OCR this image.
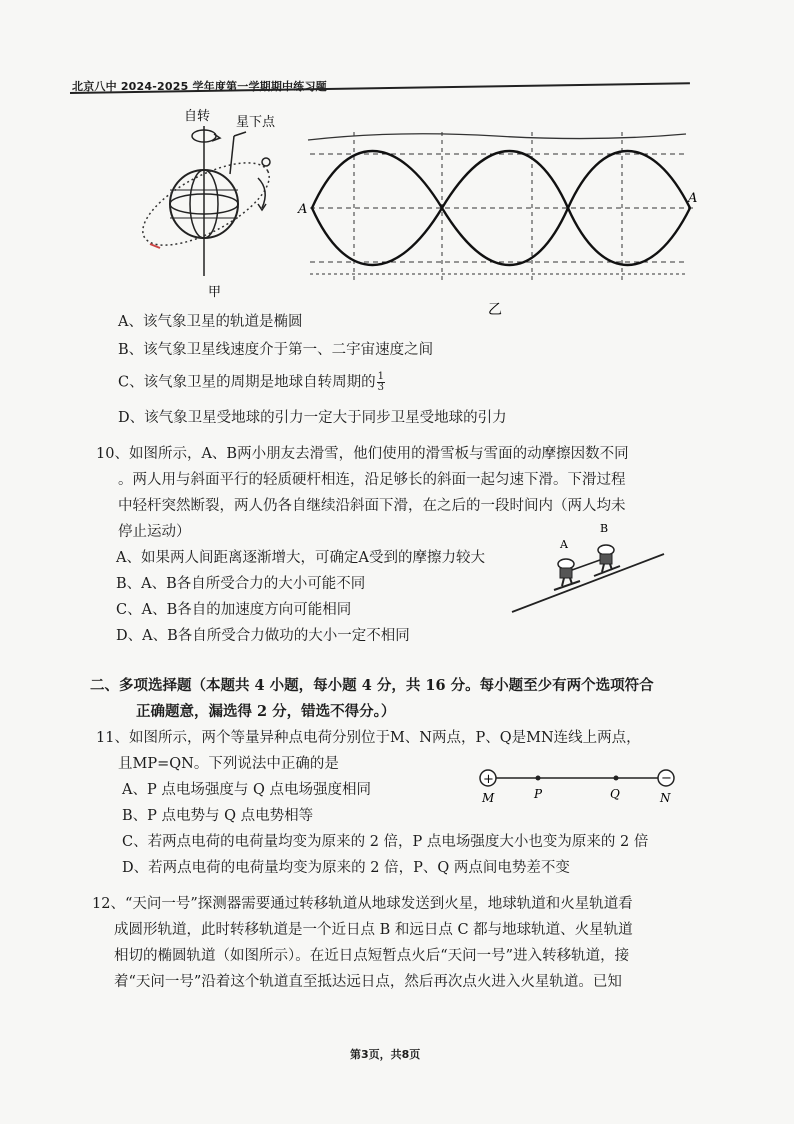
北京八中 2024-2025 学年度第一学期期中练习题
自转 星下点
甲
A
A
乙
A、该气象卫星的轨道是椭圆
B、该气象卫星线速度介于第一、二宇宙速度之间
C、该气象卫星的周期是地球自转周期的 $\frac{1}{3}$
D、该气象卫星受地球的引力一定大于同步卫星受地球的引力
10、如图所示，A、B两小朋友去滑雪，他们使用的滑雪板与雪面的动摩擦因数不同
。两人用与斜面平行的轻质硬杆相连，沿足够长的斜面一起匀速下滑。下滑过程
中轻杆突然断裂，两人仍各自继续沿斜面下滑，在之后的一段时间内（两人均未
停止运动）
A、如果两人间距离逐渐增大，可确定A受到的摩擦力较大
B、A、B各自所受合力的大小可能不同
C、A、B各自的加速度方向可能相同
D、A、B各自所受合力做功的大小一定不相同
A
B
二、多项选择题（本题共 4 小题，每小题 4 分，共 16 分。每小题至少有两个选项符合
正确题意，漏选得 2 分，错选不得分。）
11、如图所示，两个等量异种点电荷分别位于M、N两点，P、Q是MN连线上两点，
且MP=QN。下列说法中正确的是
A、P 点电场强度与 Q 点电场强度相同
B、P 点电势与 Q 点电势相等
C、若两点电荷的电荷量均变为原来的 2 倍，P 点电场强度大小也变为原来的 2 倍
D、若两点电荷的电荷量均变为原来的 2 倍，P、Q 两点间电势差不变
+	−
M	P	Q	N
12、“天问一号”探测器需要通过转移轨道从地球发送到火星，地球轨道和火星轨道看
成圆形轨道，此时转移轨道是一个近日点 B 和远日点 C 都与地球轨道、火星轨道
相切的椭圆轨道（如图所示）。在近日点短暂点火后“天问一号”进入转移轨道，接
着“天问一号”沿着这个轨道直至抵达远日点，然后再次点火进入火星轨道。已知
第3页，共8页
